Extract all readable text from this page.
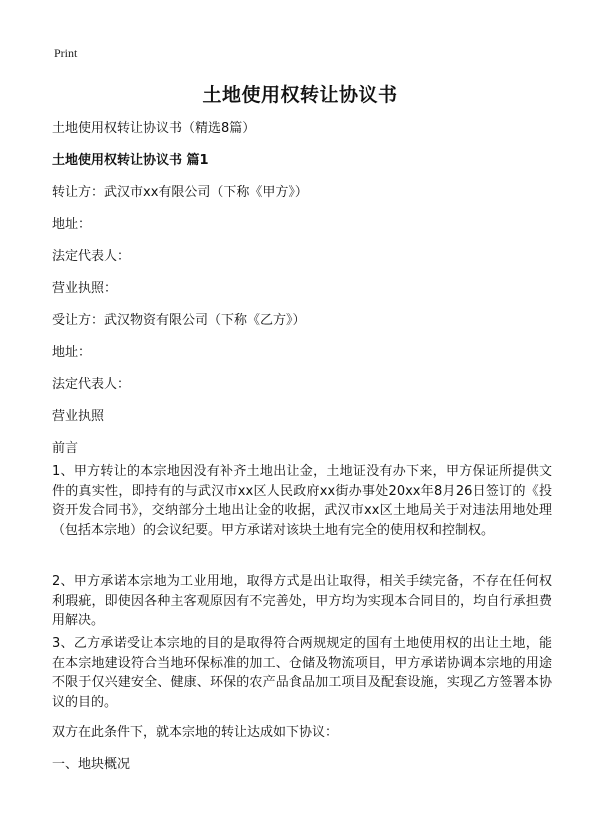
Print
土地使用权转让协议书
土地使用权转让协议书（精选8篇）
土地使用权转让协议书 篇1
转让方：武汉市xx有限公司（下称《甲方》）
地址：
法定代表人：
营业执照：
受让方：武汉物资有限公司（下称《乙方》）
地址：
法定代表人：
营业执照
前言
1、甲方转让的本宗地因没有补齐土地出让金，土地证没有办下来，甲方保证所提供文件的真实性，即持有的与武汉市xx区人民政府xx街办事处20xx年8月26日签订的《投资开发合同书》，交纳部分土地出让金的收据，武汉市xx区土地局关于对违法用地处理（包括本宗地）的会议纪要。甲方承诺对该块土地有完全的使用权和控制权。
2、甲方承诺本宗地为工业用地，取得方式是出让取得，相关手续完备，不存在任何权利瑕疵，即使因各种主客观原因有不完善处，甲方均为实现本合同目的，均自行承担费用解决。
3、乙方承诺受让本宗地的目的是取得符合两规规定的国有土地使用权的出让土地，能在本宗地建设符合当地环保标准的加工、仓储及物流项目，甲方承诺协调本宗地的用途不限于仅兴建安全、健康、环保的农产品食品加工项目及配套设施，实现乙方签署本协议的目的。
双方在此条件下，就本宗地的转让达成如下协议：
一、地块概况
